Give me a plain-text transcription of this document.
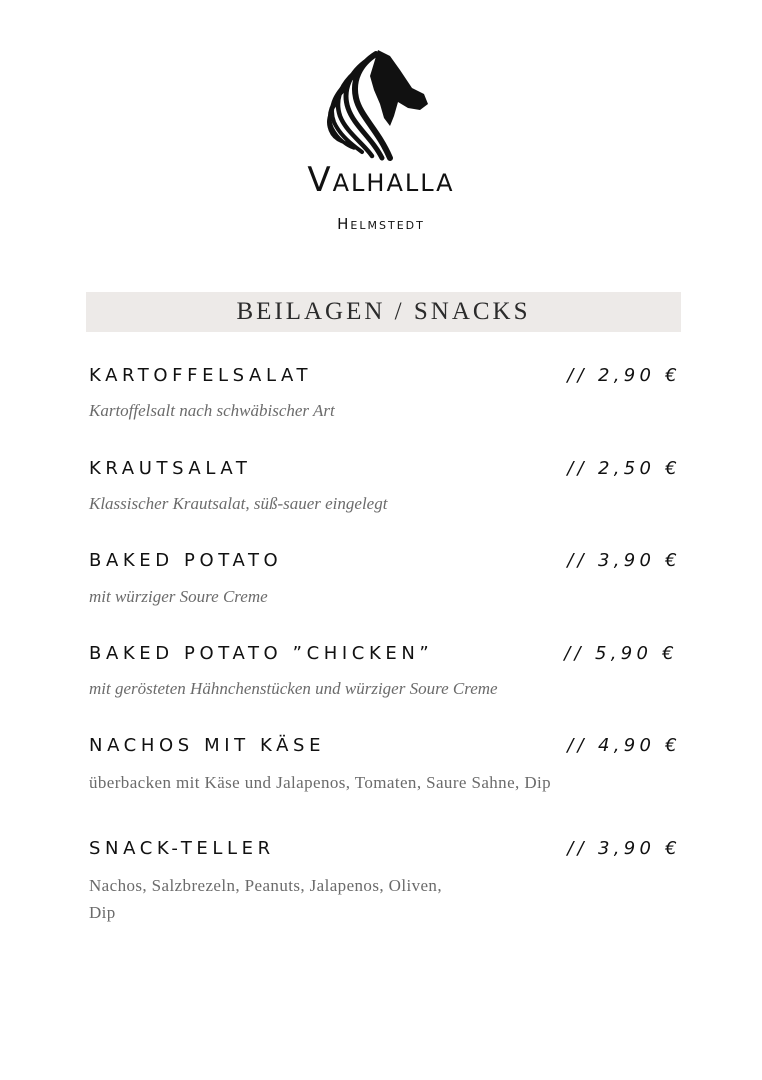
Valhalla
Helmstedt
BEILAGEN / SNACKS
KARTOFFELSALAT	// 2,90 €
Kartoffelsalt nach schwäbischer Art
KRAUTSALAT	// 2,50 €
Klassischer Krautsalat, süß-sauer eingelegt
BAKED POTATO	// 3,90 €
mit würziger Soure Creme
BAKED POTATO ”CHICKEN”	// 5,90 €
mit gerösteten Hähnchenstücken und würziger Soure Creme
NACHOS MIT KÄSE	// 4,90 €
überbacken mit Käse und Jalapenos, Tomaten, Saure Sahne, Dip
SNACK-TELLER	// 3,90 €
Nachos, Salzbrezeln, Peanuts, Jalapenos, Oliven, Dip
